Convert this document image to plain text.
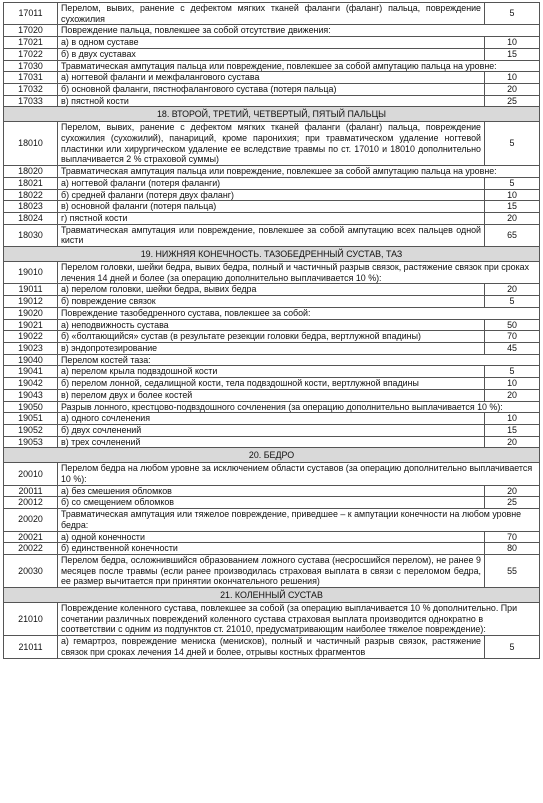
17011	Перелом, вывих, ранение с дефектом мягких тканей фаланги (фаланг) пальца, повреждение сухожилия	5
17020	Повреждение пальца, повлекшее за собой отсутствие движения:	
17021	а) в одном суставе	10
17022	б) в двух суставах	15
17030	Травматическая ампутация пальца или повреждение, повлекшее за собой ампутацию пальца на уровне:	
17031	а) ногтевой фаланги и межфалангового сустава	10
17032	б) основной фаланги, пястнофалангового сустава (потеря пальца)	20
17033	в) пястной кости	25
18. ВТОРОЙ, ТРЕТИЙ, ЧЕТВЕРТЫЙ, ПЯТЫЙ ПАЛЬЦЫ		
18010	Перелом, вывих, ранение с дефектом мягких тканей фаланги (фаланг) пальца, повреждение сухожилия (сухожилий), панариций, кроме паронихия; при травматическом удаление ногтевой пластинки или хирургическом удаление ее вследствие травмы по ст. 17010 и 18010 дополнительно выплачивается 2 % страховой суммы)	5
18020	Травматическая ампутация пальца или повреждение, повлекшее за собой ампутацию пальца на уровне:	
18021	а) ногтевой фаланги (потеря фаланги)	5
18022	б) средней фаланги (потеря двух фаланг)	10
18023	в) основной фаланги (потеря пальца)	15
18024	г) пястной кости	20
18030	Травматическая ампутация или повреждение, повлекшее за собой ампутацию всех пальцев одной кисти	65
19. НИЖНЯЯ КОНЕЧНОСТЬ. ТАЗОБЕДРЕННЫЙ СУСТАВ, ТАЗ		
19010	Перелом головки, шейки бедра, вывих бедра, полный и частичный разрыв связок, растяжение связок при сроках лечения 14 дней и более (за операцию дополнительно выплачивается 10 %):	
19011	а) перелом головки, шейки бедра, вывих бедра	20
19012	б) повреждение связок	5
19020	Повреждение тазобедренного сустава, повлекшее за собой:	
19021	а) неподвижность сустава	50
19022	б) «болтающийся» сустав (в результате резекции головки бедра, вертлужной впадины)	70
19023	в) эндопротезирование	45
19040	Перелом костей таза:	
19041	а) перелом крыла подвздошной кости	5
19042	б) перелом лонной, седалищной кости, тела подвздошной кости, вертлужной впадины	10
19043	в) перелом двух и более костей	20
19050	Разрыв лонного, крестцово-подвздошного сочленения (за операцию дополнительно выплачивается 10 %):	
19051	а) одного сочленения	10
19052	б) двух сочленений	15
19053	в) трех сочленений	20
20. БЕДРО		
20010	Перелом бедра на любом уровне за исключением области суставов (за операцию дополнительно выплачивается 10 %):	
20011	а) без смешения обломков	20
20012	б) со смещением обломков	25
20020	Травматическая ампутация или тяжелое повреждение, приведшее – к ампутации конечности на любом уровне бедра:	
20021	а) одной конечности	70
20022	б) единственной конечности	80
20030	Перелом бедра, осложнившийся образованием ложного сустава (несросшийся перелом), не ранее 9 месяцев после травмы (если ранее производилась страховая выплата в связи с переломом бедра, ее размер вычитается при принятии окончательного решения)	55
21. КОЛЕННЫЙ СУСТАВ		
21010	Повреждение коленного сустава, повлекшее за собой (за операцию выплачивается 10 % дополнительно. При сочетании различных повреждений коленного сустава страховая выплата производится однократно в соответствии с одним из подпунктов ст. 21010, предусматривающим наиболее тяжелое повреждение):	
21011	а) гемартроз, повреждение мениска (менисков), полный и частичный разрыв связок, растяжение связок при сроках лечения 14 дней и более, отрывы костных фрагментов	5
